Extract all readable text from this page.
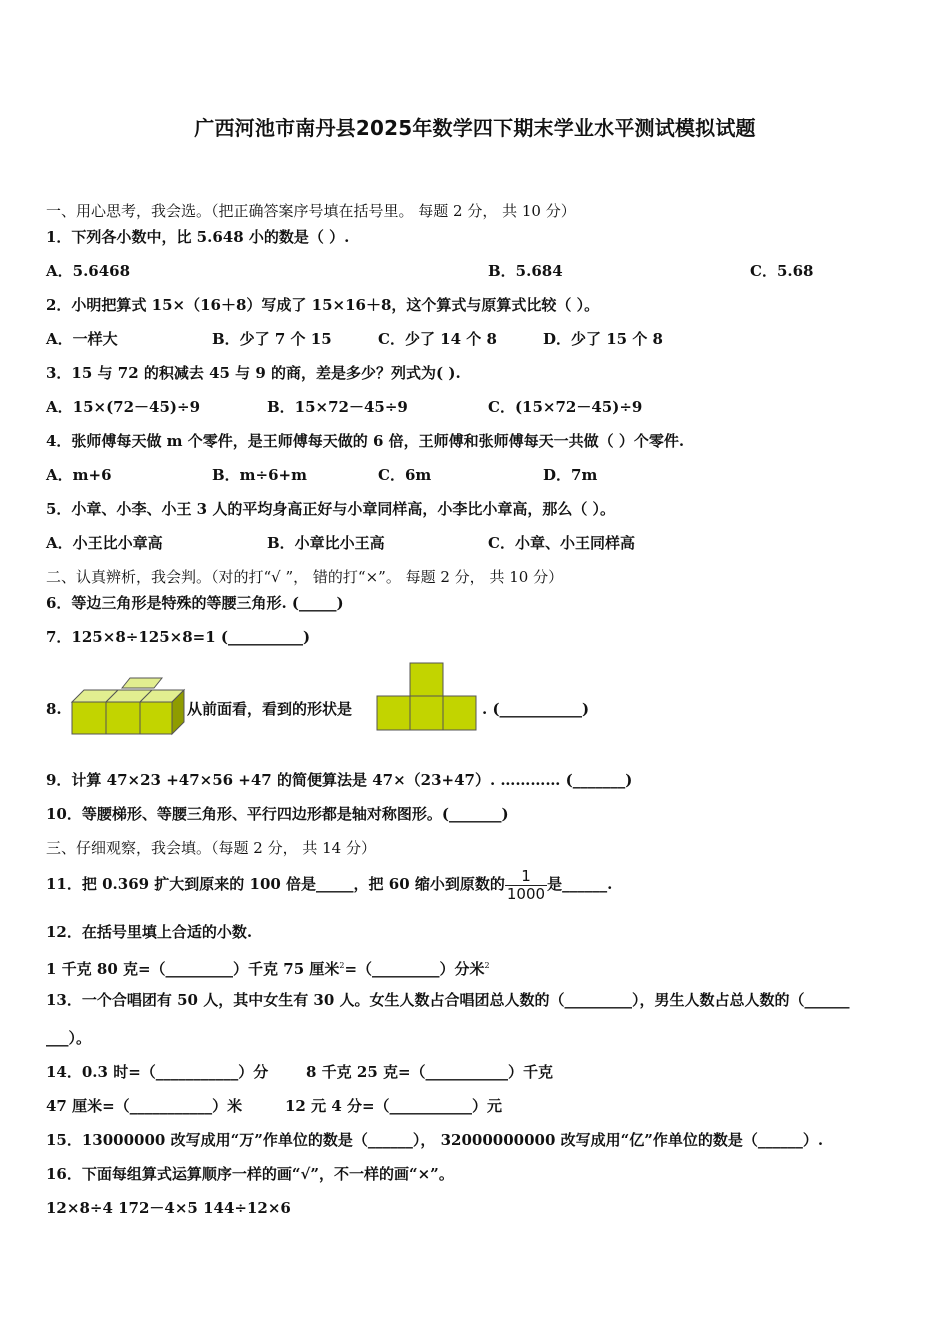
广西河池市南丹县2025年数学四下期末学业水平测试模拟试题
一、用心思考，我会选。（把正确答案序号填在括号里。 每题 2 分， 共 10 分）
1．下列各小数中，比 5.648 小的数是（ ）.
A．5.6468	B．5.684	C．5.68
2．小明把算式 15×（16＋8）写成了 15×16＋8，这个算式与原算式比较（ ）。
A．一样大	B．少了 7 个 15	C．少了 14 个 8	D．少了 15 个 8
3．15 与 72 的积减去 45 与 9 的商，差是多少？列式为( ).
A．15×(72－45)÷9	B．15×72－45÷9	C．(15×72－45)÷9
4．张师傅每天做 m 个零件，是王师傅每天做的 6 倍，王师傅和张师傅每天一共做（ ）个零件.
A．m+6	B．m÷6+m	C．6m	D．7m
5．小章、小李、小王 3 人的平均身高正好与小章同样高，小李比小章高，那么（ ）。
A．小王比小章高	B．小章比小王高	C．小章、小王同样高
二、认真辨析，我会判。（对的打“√ ”， 错的打“×”。 每题 2 分， 共 10 分）
6．等边三角形是特殊的等腰三角形. (_____)
7．125×8÷125×8=1 (__________)
8.	从前面看，看到的形状是	. (___________)
9．计算 47×23 +47×56 +47 的简便算法是 47×（23+47）. ………… (_______)
10．等腰梯形、等腰三角形、平行四边形都是轴对称图形。(_______)
三、仔细观察，我会填。（每题 2 分， 共 14 分）
11．把 0.369 扩大到原来的 100 倍是_____，把 60 缩小到原数的 $\frac{1}{1000}$ 是______.
12．在括号里填上合适的小数.
1 千克 80 克=（_________）千克 75 厘米$^2$=（_________）分米$^2$
13．一个合唱团有 50 人，其中女生有 30 人。女生人数占合唱团总人数的（_________），男生人数占总人数的（______
___）。
14．0.3 时=（___________）分	8 千克 25 克=（___________）千克
47 厘米=（___________）米	12 元 4 分=（___________）元
15．13000000 改写成用“万”作单位的数是（______）， 32000000000 改写成用“亿”作单位的数是（______）.
16．下面每组算式运算顺序一样的画“√”，不一样的画“×”。
12×8÷4 172－4×5 144÷12×6
